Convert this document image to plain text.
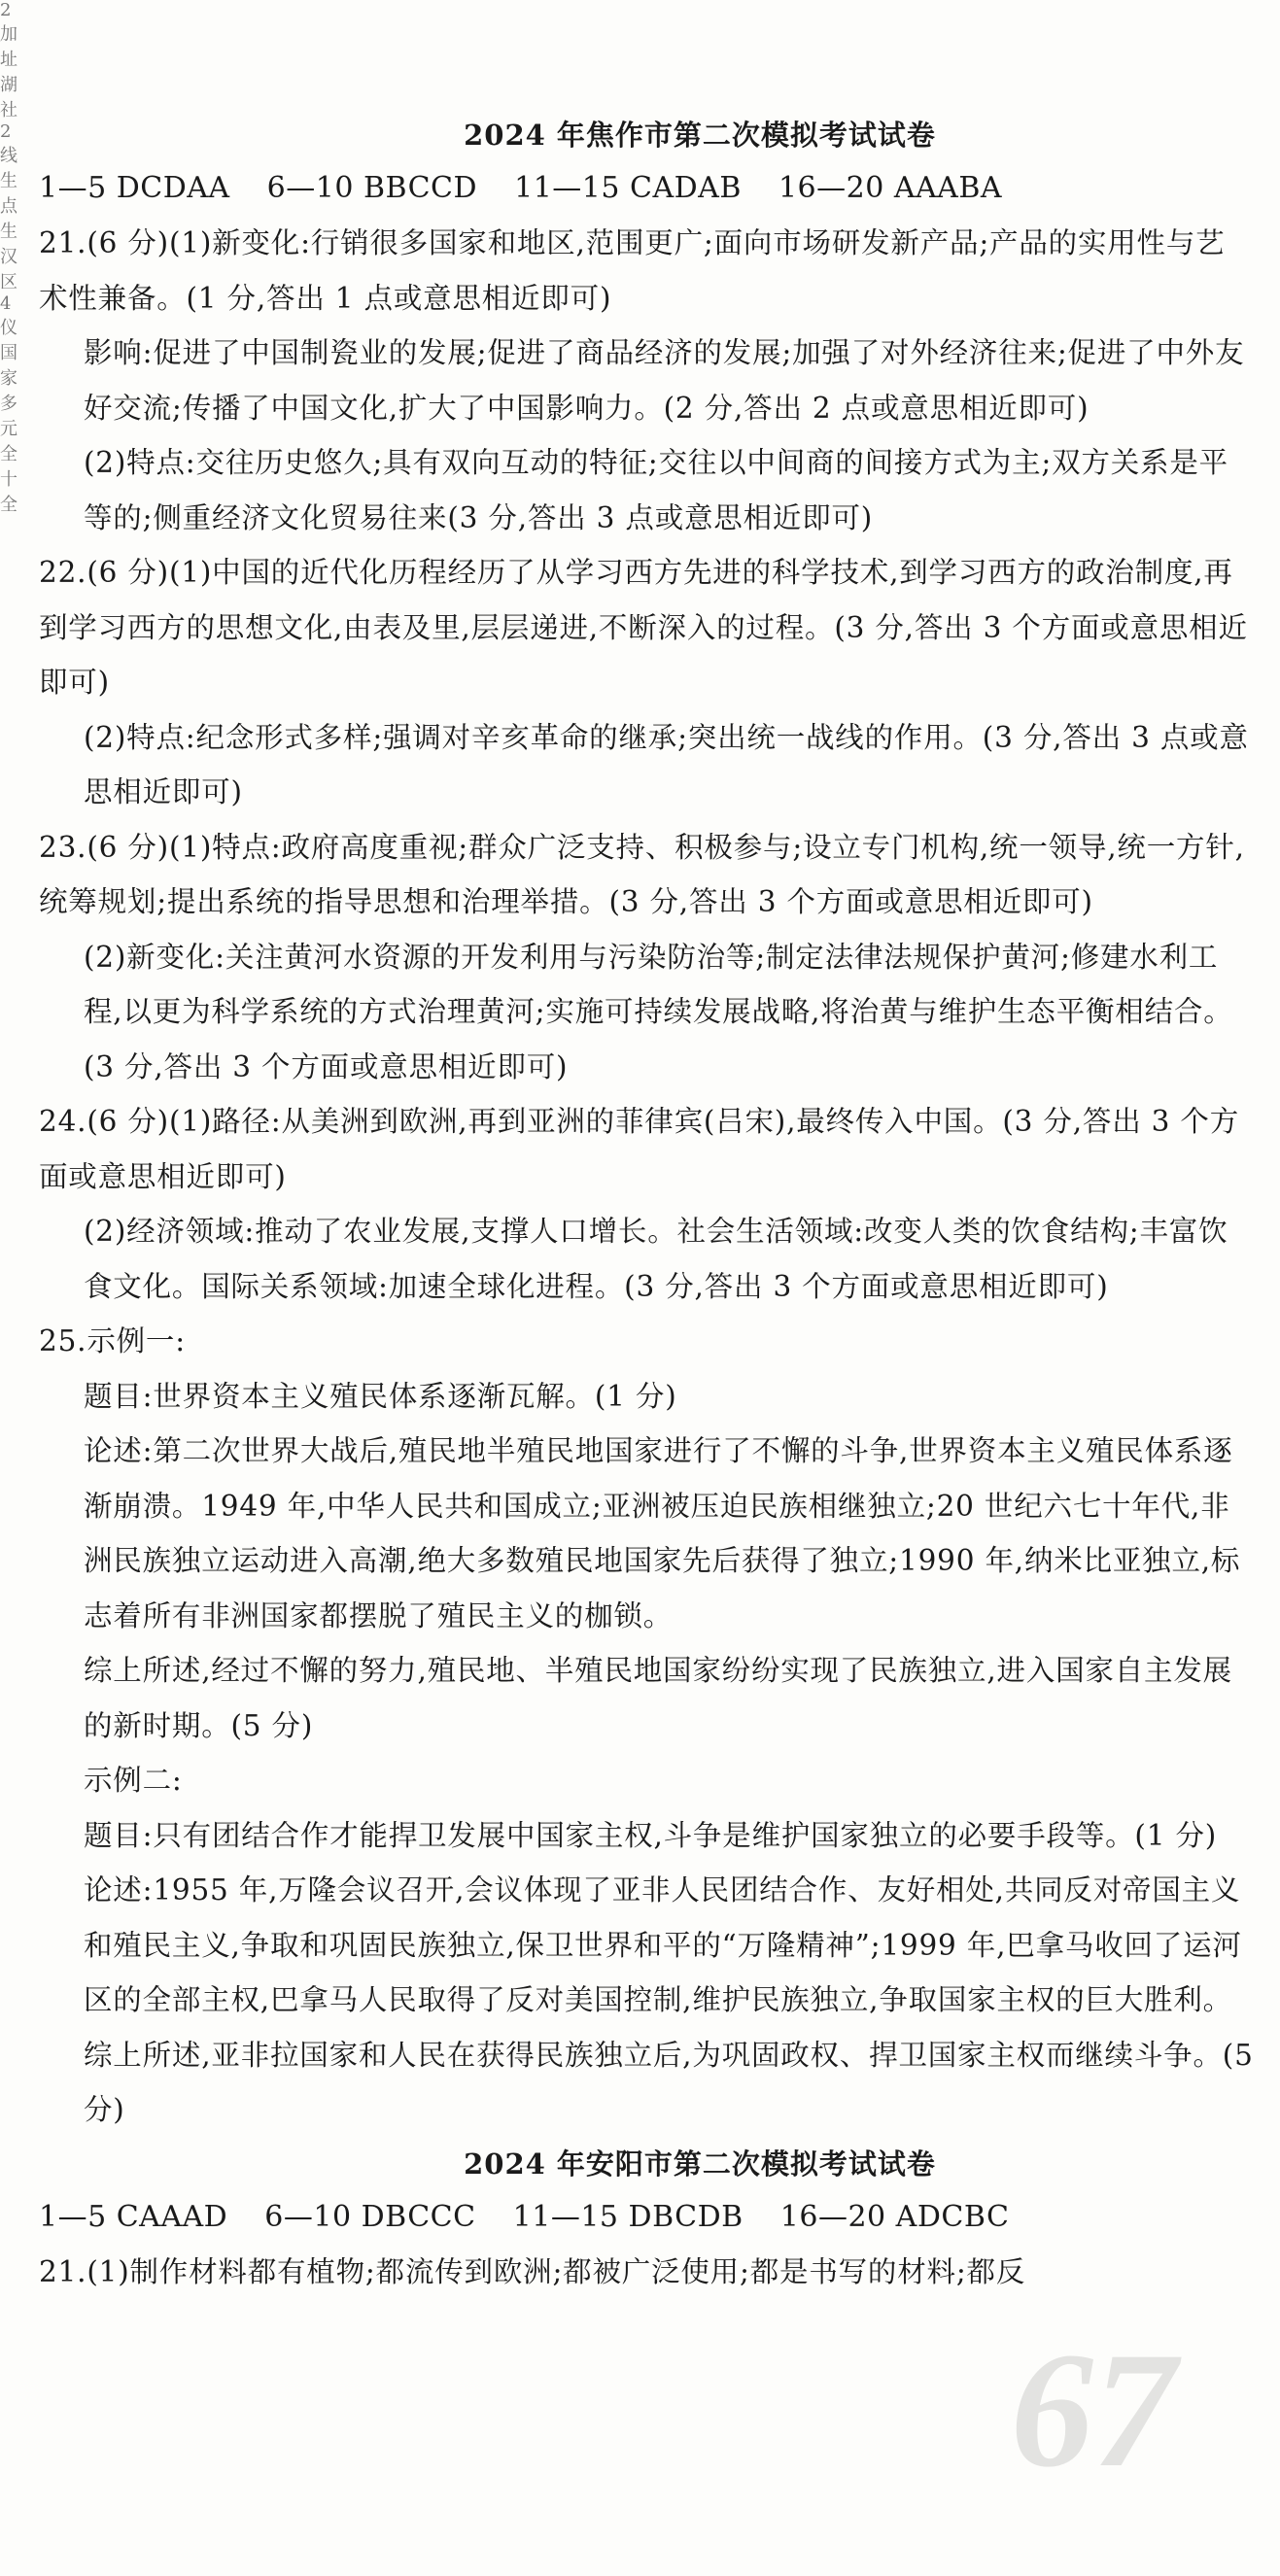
2 加 址 湖 社 2 线 生 点 生 汉 区 4 仪 国 家 多 元 全 十 全
67
2024 年焦作市第二次模拟考试试卷
1—5 DCDAA 6—10 BBCCD 11—15 CADAB 16—20 AAABA
21.(6 分)(1)新变化:行销很多国家和地区,范围更广;面向市场研发新产品;产品的实用性与艺术性兼备。(1 分,答出 1 点或意思相近即可)
影响:促进了中国制瓷业的发展;促进了商品经济的发展;加强了对外经济往来;促进了中外友好交流;传播了中国文化,扩大了中国影响力。(2 分,答出 2 点或意思相近即可)
(2)特点:交往历史悠久;具有双向互动的特征;交往以中间商的间接方式为主;双方关系是平等的;侧重经济文化贸易往来(3 分,答出 3 点或意思相近即可)
22.(6 分)(1)中国的近代化历程经历了从学习西方先进的科学技术,到学习西方的政治制度,再到学习西方的思想文化,由表及里,层层递进,不断深入的过程。(3 分,答出 3 个方面或意思相近即可)
(2)特点:纪念形式多样;强调对辛亥革命的继承;突出统一战线的作用。(3 分,答出 3 点或意思相近即可)
23.(6 分)(1)特点:政府高度重视;群众广泛支持、积极参与;设立专门机构,统一领导,统一方针,统筹规划;提出系统的指导思想和治理举措。(3 分,答出 3 个方面或意思相近即可)
(2)新变化:关注黄河水资源的开发利用与污染防治等;制定法律法规保护黄河;修建水利工程,以更为科学系统的方式治理黄河;实施可持续发展战略,将治黄与维护生态平衡相结合。(3 分,答出 3 个方面或意思相近即可)
24.(6 分)(1)路径:从美洲到欧洲,再到亚洲的菲律宾(吕宋),最终传入中国。(3 分,答出 3 个方面或意思相近即可)
(2)经济领域:推动了农业发展,支撑人口增长。社会生活领域:改变人类的饮食结构;丰富饮食文化。国际关系领域:加速全球化进程。(3 分,答出 3 个方面或意思相近即可)
25.示例一:
题目:世界资本主义殖民体系逐渐瓦解。(1 分)
论述:第二次世界大战后,殖民地半殖民地国家进行了不懈的斗争,世界资本主义殖民体系逐渐崩溃。1949 年,中华人民共和国成立;亚洲被压迫民族相继独立;20 世纪六七十年代,非洲民族独立运动进入高潮,绝大多数殖民地国家先后获得了独立;1990 年,纳米比亚独立,标志着所有非洲国家都摆脱了殖民主义的枷锁。
综上所述,经过不懈的努力,殖民地、半殖民地国家纷纷实现了民族独立,进入国家自主发展的新时期。(5 分)
示例二:
题目:只有团结合作才能捍卫发展中国家主权,斗争是维护国家独立的必要手段等。(1 分)
论述:1955 年,万隆会议召开,会议体现了亚非人民团结合作、友好相处,共同反对帝国主义和殖民主义,争取和巩固民族独立,保卫世界和平的“万隆精神”;1999 年,巴拿马收回了运河区的全部主权,巴拿马人民取得了反对美国控制,维护民族独立,争取国家主权的巨大胜利。
综上所述,亚非拉国家和人民在获得民族独立后,为巩固政权、捍卫国家主权而继续斗争。(5 分)
2024 年安阳市第二次模拟考试试卷
1—5 CAAAD 6—10 DBCCC 11—15 DBCDB 16—20 ADCBC
21.(1)制作材料都有植物;都流传到欧洲;都被广泛使用;都是书写的材料;都反
